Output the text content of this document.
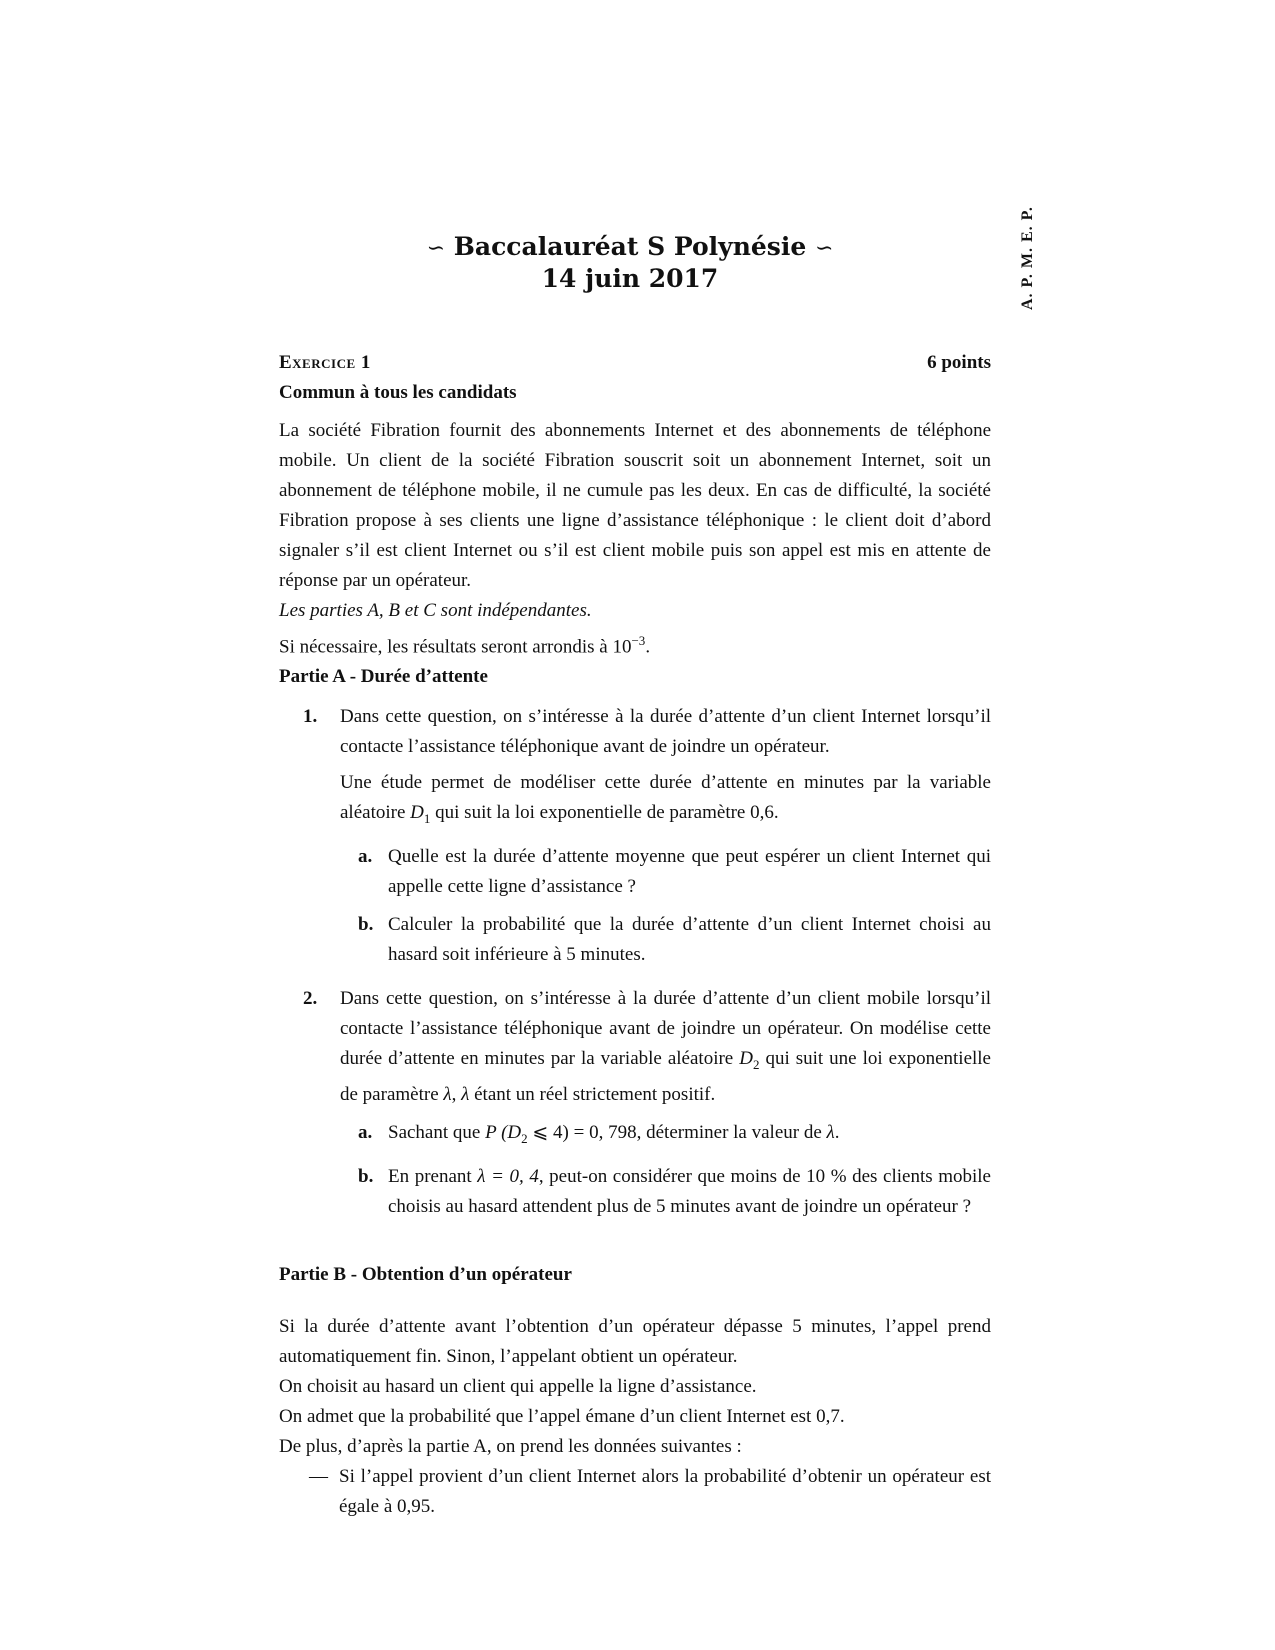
A. P. M. E. P.
∽ Baccalauréat S Polynésie ∽
14 juin 2017
Exercice 1	6 points
Commun à tous les candidats

La société Fibration fournit des abonnements Internet et des abonnements de téléphone mobile. Un client de la société Fibration souscrit soit un abonnement Internet, soit un abonnement de téléphone mobile, il ne cumule pas les deux. En cas de difficulté, la société Fibration propose à ses clients une ligne d’assistance téléphonique : le client doit d’abord signaler s’il est client Internet ou s’il est client mobile puis son appel est mis en attente de réponse par un opérateur.

Les parties A, B et C sont indépendantes.

Si nécessaire, les résultats seront arrondis à $10^{-3}$.

Partie A - Durée d’attente
1.	Dans cette question, on s’intéresse à la durée d’attente d’un client Internet lorsqu’il contacte l’assistance téléphonique avant de joindre un opérateur.

Une étude permet de modéliser cette durée d’attente en minutes par la variable aléatoire $D_1$ qui suit la loi exponentielle de paramètre 0,6.

a. Quelle est la durée d’attente moyenne que peut espérer un client Internet qui appelle cette ligne d’assistance ?

b. Calculer la probabilité que la durée d’attente d’un client Internet choisi au hasard soit inférieure à 5 minutes.

2.	Dans cette question, on s’intéresse à la durée d’attente d’un client mobile lorsqu’il contacte l’assistance téléphonique avant de joindre un opérateur. On modélise cette durée d’attente en minutes par la variable aléatoire $D_2$ qui suit une loi exponentielle de paramètre λ, λ étant un réel strictement positif.

a. Sachant que P ($D_2$ ⩽ 4) = 0, 798, déterminer la valeur de λ.

b. En prenant λ = 0, 4, peut-on considérer que moins de 10 % des clients mobile choisis au hasard attendent plus de 5 minutes avant de joindre un opérateur ?

Partie B - Obtention d’un opérateur

Si la durée d’attente avant l’obtention d’un opérateur dépasse 5 minutes, l’appel prend automatiquement fin. Sinon, l’appelant obtient un opérateur.

On choisit au hasard un client qui appelle la ligne d’assistance.

On admet que la probabilité que l’appel émane d’un client Internet est 0,7.

De plus, d’après la partie A, on prend les données suivantes :

— Si l’appel provient d’un client Internet alors la probabilité d’obtenir un opérateur est égale à 0,95.
